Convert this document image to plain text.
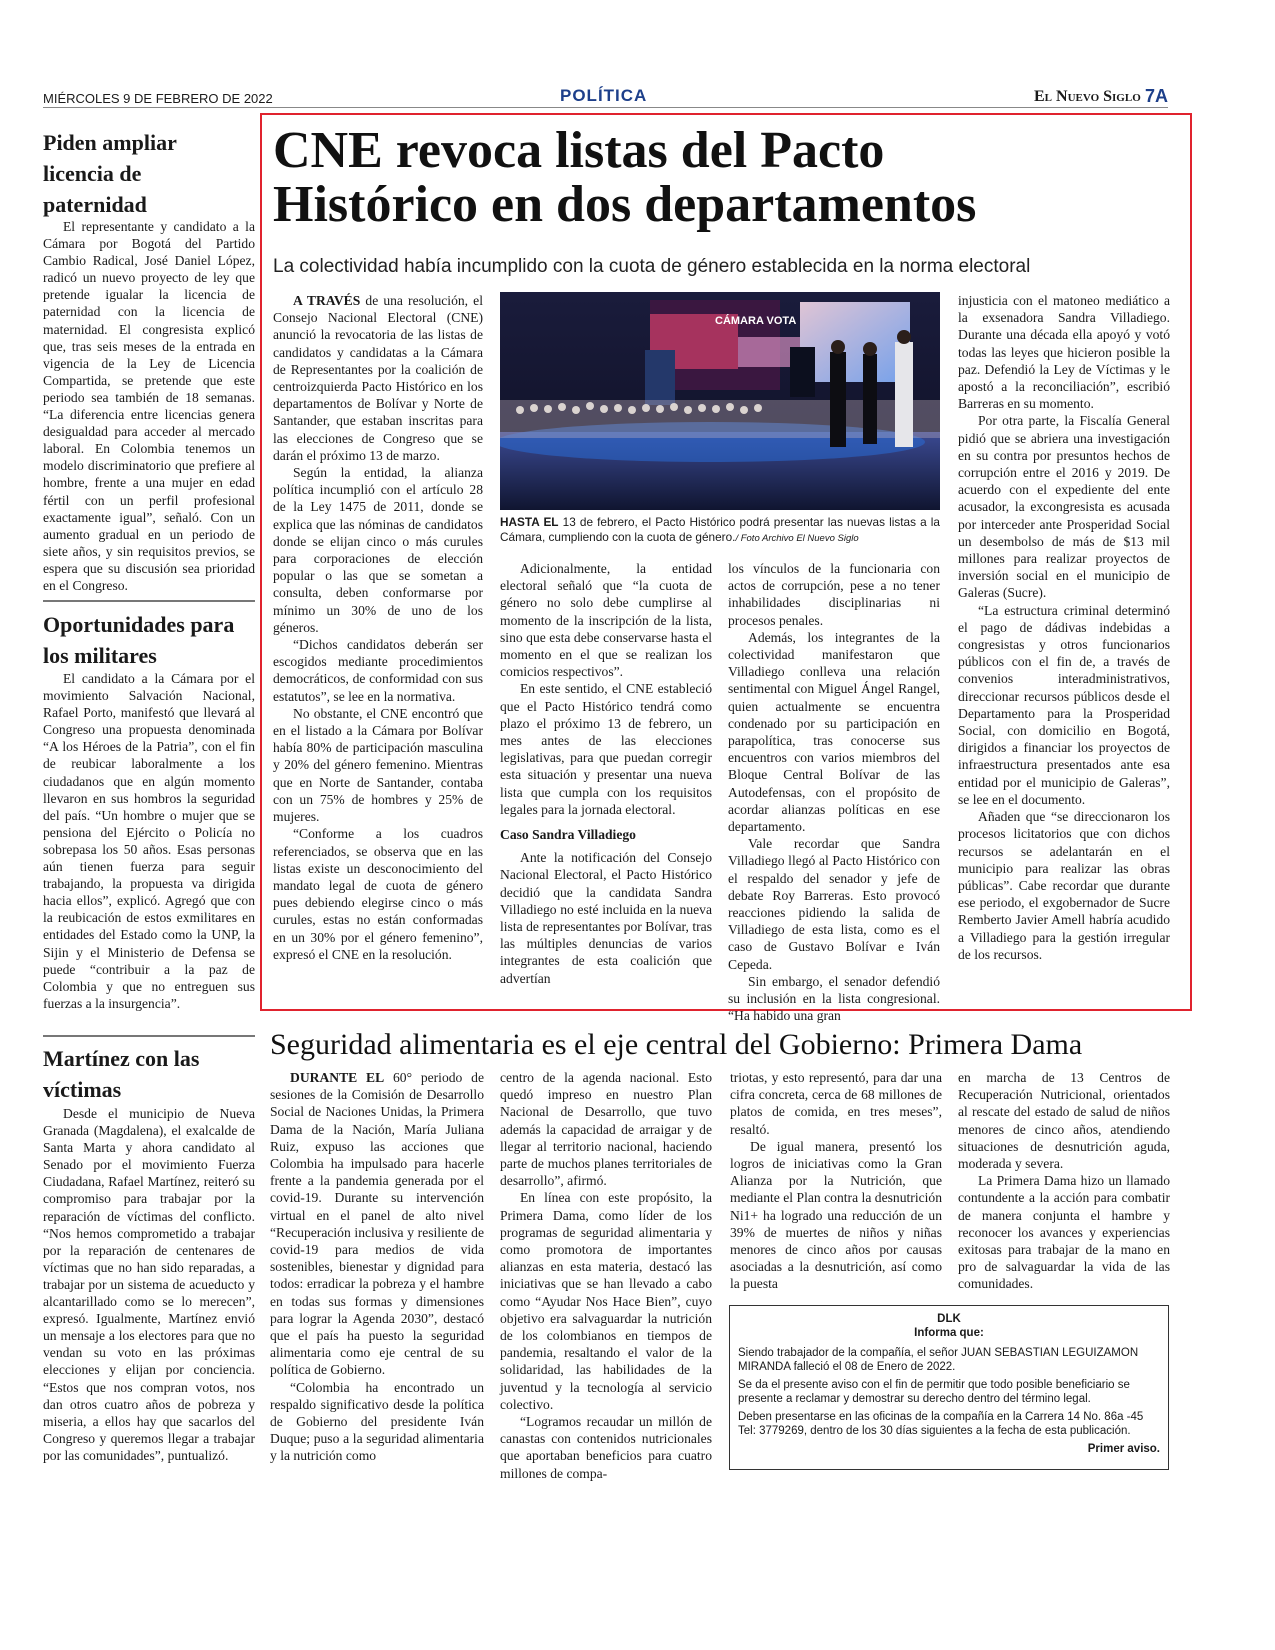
MIÉRCOLES 9 DE FEBRERO DE 2022	POLÍTICA	El Nuevo Siglo 7A
Piden ampliar licencia de paternidad

El representante y candidato a la Cámara por Bogotá del Partido Cambio Radical, José Daniel López, radicó un nuevo proyecto de ley que pretende igualar la licencia de paternidad con la licencia de maternidad. El congresista explicó que, tras seis meses de la entrada en vigencia de la Ley de Licencia Compartida, se pretende que este periodo sea también de 18 semanas. “La diferencia entre licencias genera desigualdad para acceder al mercado laboral. En Colombia tenemos un modelo discriminatorio que prefiere al hombre, frente a una mujer en edad fértil con un perfil profesional exactamente igual”, señaló. Con un aumento gradual en un periodo de siete años, y sin requisitos previos, se espera que su discusión sea prioridad en el Congreso.

Oportunidades para los militares

El candidato a la Cámara por el movimiento Salvación Nacional, Rafael Porto, manifestó que llevará al Congreso una propuesta denominada “A los Héroes de la Patria”, con el fin de reubicar laboralmente a los ciudadanos que en algún momento llevaron en sus hombros la seguridad del país. “Un hombre o mujer que se pensiona del Ejército o Policía no sobrepasa los 50 años. Esas personas aún tienen fuerza para seguir trabajando, la propuesta va dirigida hacia ellos”, explicó. Agregó que con la reubicación de estos exmilitares en entidades del Estado como la UNP, la Sijin y el Ministerio de Defensa se puede “contribuir a la paz de Colombia y que no entreguen sus fuerzas a la insurgencia”.

Martínez con las víctimas

Desde el municipio de Nueva Granada (Magdalena), el exalcalde de Santa Marta y ahora candidato al Senado por el movimiento Fuerza Ciudadana, Rafael Martínez, reiteró su compromiso para trabajar por la reparación de víctimas del conflicto. “Nos hemos comprometido a trabajar por la reparación de centenares de víctimas que no han sido reparadas, a trabajar por un sistema de acueducto y alcantarillado como se lo merecen”, expresó. Igualmente, Martínez envió un mensaje a los electores para que no vendan su voto en las próximas elecciones y elijan por conciencia. “Estos que nos compran votos, nos dan otros cuatro años de pobreza y miseria, a ellos hay que sacarlos del Congreso y queremos llegar a trabajar por las comunidades”, puntualizó.

CNE revoca listas del Pacto
Histórico en dos departamentos
La colectividad había incumplido con la cuota de género establecida en la norma electoral

A TRAVÉS de una resolución, el Consejo Nacional Electoral (CNE) anunció la revocatoria de las listas de candidatos y candidatas a la Cámara de Representantes por la coalición de centroizquierda Pacto Histórico en los departamentos de Bolívar y Norte de Santander, que estaban inscritas para las elecciones de Congreso que se darán el próximo 13 de marzo.

Según la entidad, la alianza política incumplió con el artículo 28 de la Ley 1475 de 2011, donde se explica que las nóminas de candidatos donde se elijan cinco o más curules para corporaciones de elección popular o las que se sometan a consulta, deben conformarse por mínimo un 30% de uno de los géneros.

“Dichos candidatos deberán ser escogidos mediante procedimientos democráticos, de conformidad con sus estatutos”, se lee en la normativa.

No obstante, el CNE encontró que en el listado a la Cámara por Bolívar había 80% de participación masculina y 20% del género femenino. Mientras que en Norte de Santander, contaba con un 75% de hombres y 25% de mujeres.

“Conforme a los cuadros referenciados, se observa que en las listas existe un desconocimiento del mandato legal de cuota de género pues debiendo elegirse cinco o más curules, estas no están conformadas en un 30% por el género femenino”, expresó el CNE en la resolución.

CÁMARA VOTA
HASTA EL 13 de febrero, el Pacto Histórico podrá presentar las nuevas listas a la Cámara, cumpliendo con la cuota de género./ Foto Archivo El Nuevo Siglo

Adicionalmente, la entidad electoral señaló que “la cuota de género no solo debe cumplirse al momento de la inscripción de la lista, sino que esta debe conservarse hasta el momento en el que se realizan los comicios respectivos”.

En este sentido, el CNE estableció que el Pacto Histórico tendrá como plazo el próximo 13 de febrero, un mes antes de las elecciones legislativas, para que puedan corregir esta situación y presentar una nueva lista que cumpla con los requisitos legales para la jornada electoral.

Caso Sandra Villadiego

Ante la notificación del Consejo Nacional Electoral, el Pacto Histórico decidió que la candidata Sandra Villadiego no esté incluida en la nueva lista de representantes por Bolívar, tras las múltiples denuncias de varios integrantes de esta coalición que advertían

los vínculos de la funcionaria con actos de corrupción, pese a no tener inhabilidades disciplinarias ni procesos penales.

Además, los integrantes de la colectividad manifestaron que Villadiego conlleva una relación sentimental con Miguel Ángel Rangel, quien actualmente se encuentra condenado por su participación en parapolítica, tras conocerse sus encuentros con varios miembros del Bloque Central Bolívar de las Autodefensas, con el propósito de acordar alianzas políticas en ese departamento.

Vale recordar que Sandra Villadiego llegó al Pacto Histórico con el respaldo del senador y jefe de debate Roy Barreras. Esto provocó reacciones pidiendo la salida de Villadiego de esta lista, como es el caso de Gustavo Bolívar e Iván Cepeda.

Sin embargo, el senador defendió su inclusión en la lista congresional. “Ha habido una gran

injusticia con el matoneo mediático a la exsenadora Sandra Villadiego. Durante una década ella apoyó y votó todas las leyes que hicieron posible la paz. Defendió la Ley de Víctimas y le apostó a la reconciliación”, escribió Barreras en su momento.

Por otra parte, la Fiscalía General pidió que se abriera una investigación en su contra por presuntos hechos de corrupción entre el 2016 y 2019. De acuerdo con el expediente del ente acusador, la excongresista es acusada por interceder ante Prosperidad Social un desembolso de más de $13 mil millones para realizar proyectos de inversión social en el municipio de Galeras (Sucre).

“La estructura criminal determinó el pago de dádivas indebidas a congresistas y otros funcionarios públicos con el fin de, a través de convenios interadministrativos, direccionar recursos públicos desde el Departamento para la Prosperidad Social, con domicilio en Bogotá, dirigidos a financiar los proyectos de infraestructura presentados ante esa entidad por el municipio de Galeras”, se lee en el documento.

Añaden que “se direccionaron los procesos licitatorios que con dichos recursos se adelantarán en el municipio para realizar las obras públicas”. Cabe recordar que durante ese periodo, el exgobernador de Sucre Remberto Javier Amell habría acudido a Villadiego para la gestión irregular de los recursos.

Seguridad alimentaria es el eje central del Gobierno: Primera Dama

DURANTE EL 60° periodo de sesiones de la Comisión de Desarrollo Social de Naciones Unidas, la Primera Dama de la Nación, María Juliana Ruiz, expuso las acciones que Colombia ha impulsado para hacerle frente a la pandemia generada por el covid-19. Durante su intervención virtual en el panel de alto nivel “Recuperación inclusiva y resiliente de covid-19 para medios de vida sostenibles, bienestar y dignidad para todos: erradicar la pobreza y el hambre en todas sus formas y dimensiones para lograr la Agenda 2030”, destacó que el país ha puesto la seguridad alimentaria como eje central de su política de Gobierno.

“Colombia ha encontrado un respaldo significativo desde la política de Gobierno del presidente Iván Duque; puso a la seguridad alimentaria y la nutrición como

centro de la agenda nacional. Esto quedó impreso en nuestro Plan Nacional de Desarrollo, que tuvo además la capacidad de arraigar y de llegar al territorio nacional, haciendo parte de muchos planes territoriales de desarrollo”, afirmó.

En línea con este propósito, la Primera Dama, como líder de los programas de seguridad alimentaria y como promotora de importantes alianzas en esta materia, destacó las iniciativas que se han llevado a cabo como “Ayudar Nos Hace Bien”, cuyo objetivo era salvaguardar la nutrición de los colombianos en tiempos de pandemia, resaltando el valor de la solidaridad, las habilidades de la juventud y la tecnología al servicio colectivo.

“Logramos recaudar un millón de canastas con contenidos nutricionales que aportaban beneficios para cuatro millones de compa-

triotas, y esto representó, para dar una cifra concreta, cerca de 68 millones de platos de comida, en tres meses”, resaltó.

De igual manera, presentó los logros de iniciativas como la Gran Alianza por la Nutrición, que mediante el Plan contra la desnutrición Ni1+ ha logrado una reducción de un 39% de muertes de niños y niñas menores de cinco años por causas asociadas a la desnutrición, así como la puesta

en marcha de 13 Centros de Recuperación Nutricional, orientados al rescate del estado de salud de niños menores de cinco años, atendiendo situaciones de desnutrición aguda, moderada y severa.

La Primera Dama hizo un llamado contundente a la acción para combatir de manera conjunta el hambre y reconocer los avances y experiencias exitosas para trabajar de la mano en pro de salvaguardar la vida de las comunidades.

DLK
Informa que:
Siendo trabajador de la compañía, el señor JUAN SEBASTIAN LEGUIZAMON MIRANDA falleció el 08 de Enero de 2022.
Se da el presente aviso con el fin de permitir que todo posible beneficiario se presente a reclamar y demostrar su derecho dentro del término legal.
Deben presentarse en las oficinas de la compañía en la Carrera 14 No. 86a -45 Tel: 3779269, dentro de los 30 días siguientes a la fecha de esta publicación.
Primer aviso.
